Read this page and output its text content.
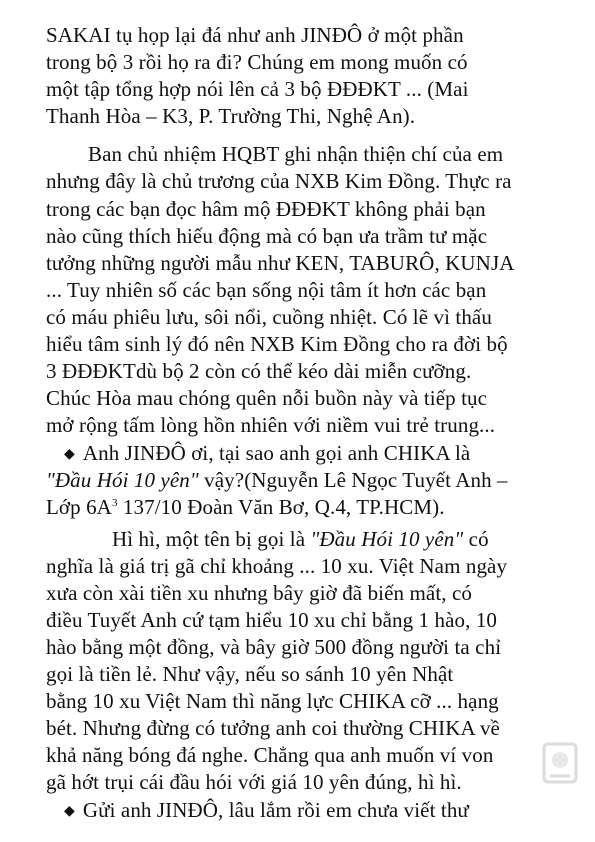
SAKAI tụ họp lại đá như anh JINĐÔ ở một phần
trong bộ 3 rồi họ ra đi? Chúng em mong muốn có
một tập tổng hợp nói lên cả 3 bộ ĐĐĐKT ... (Mai
Thanh Hòa – K3, P. Trường Thi, Nghệ An).
Ban chủ nhiệm HQBT ghi nhận thiện chí của em
nhưng đây là chủ trương của NXB Kim Đồng. Thực ra
trong các bạn đọc hâm mộ ĐĐĐKT không phải bạn
nào cũng thích hiếu động mà có bạn ưa trầm tư mặc
tưởng những người mẫu như KEN, TABURÔ, KUNJA
... Tuy nhiên số các bạn sống nội tâm ít hơn các bạn
có máu phiêu lưu, sôi nổi, cuồng nhiệt. Có lẽ vì thấu
hiểu tâm sinh lý đó nên NXB Kim Đồng cho ra đời bộ
3 ĐĐĐKTdù bộ 2 còn có thể kéo dài miễn cưỡng.
Chúc Hòa mau chóng quên nỗi buồn này và tiếp tục
mở rộng tấm lòng hồn nhiên với niềm vui trẻ trung...
◆ Anh JINĐÔ ơi, tại sao anh gọi anh CHIKA là
"Đầu Hói 10 yên" vậy?(Nguyễn Lê Ngọc Tuyết Anh –
Lớp $6A^3$ 137/10 Đoàn Văn Bơ, Q.4, TP.HCM).
Hì hì, một tên bị gọi là "Đầu Hói 10 yên" có
nghĩa là giá trị gã chỉ khoảng ... 10 xu. Việt Nam ngày
xưa còn xài tiền xu nhưng bây giờ đã biến mất, có
điều Tuyết Anh cứ tạm hiểu 10 xu chỉ bằng 1 hào, 10
hào bằng một đồng, và bây giờ 500 đồng người ta chỉ
gọi là tiền lẻ. Như vậy, nếu so sánh 10 yên Nhật
bằng 10 xu Việt Nam thì năng lực CHIKA cỡ ... hạng
bét. Nhưng đừng có tưởng anh coi thường CHIKA về
khả năng bóng đá nghe. Chẳng qua anh muốn ví von
gã hớt trụi cái đầu hói với giá 10 yên đúng, hì hì.
◆ Gửi anh JINĐÔ, lâu lắm rồi em chưa viết thư
